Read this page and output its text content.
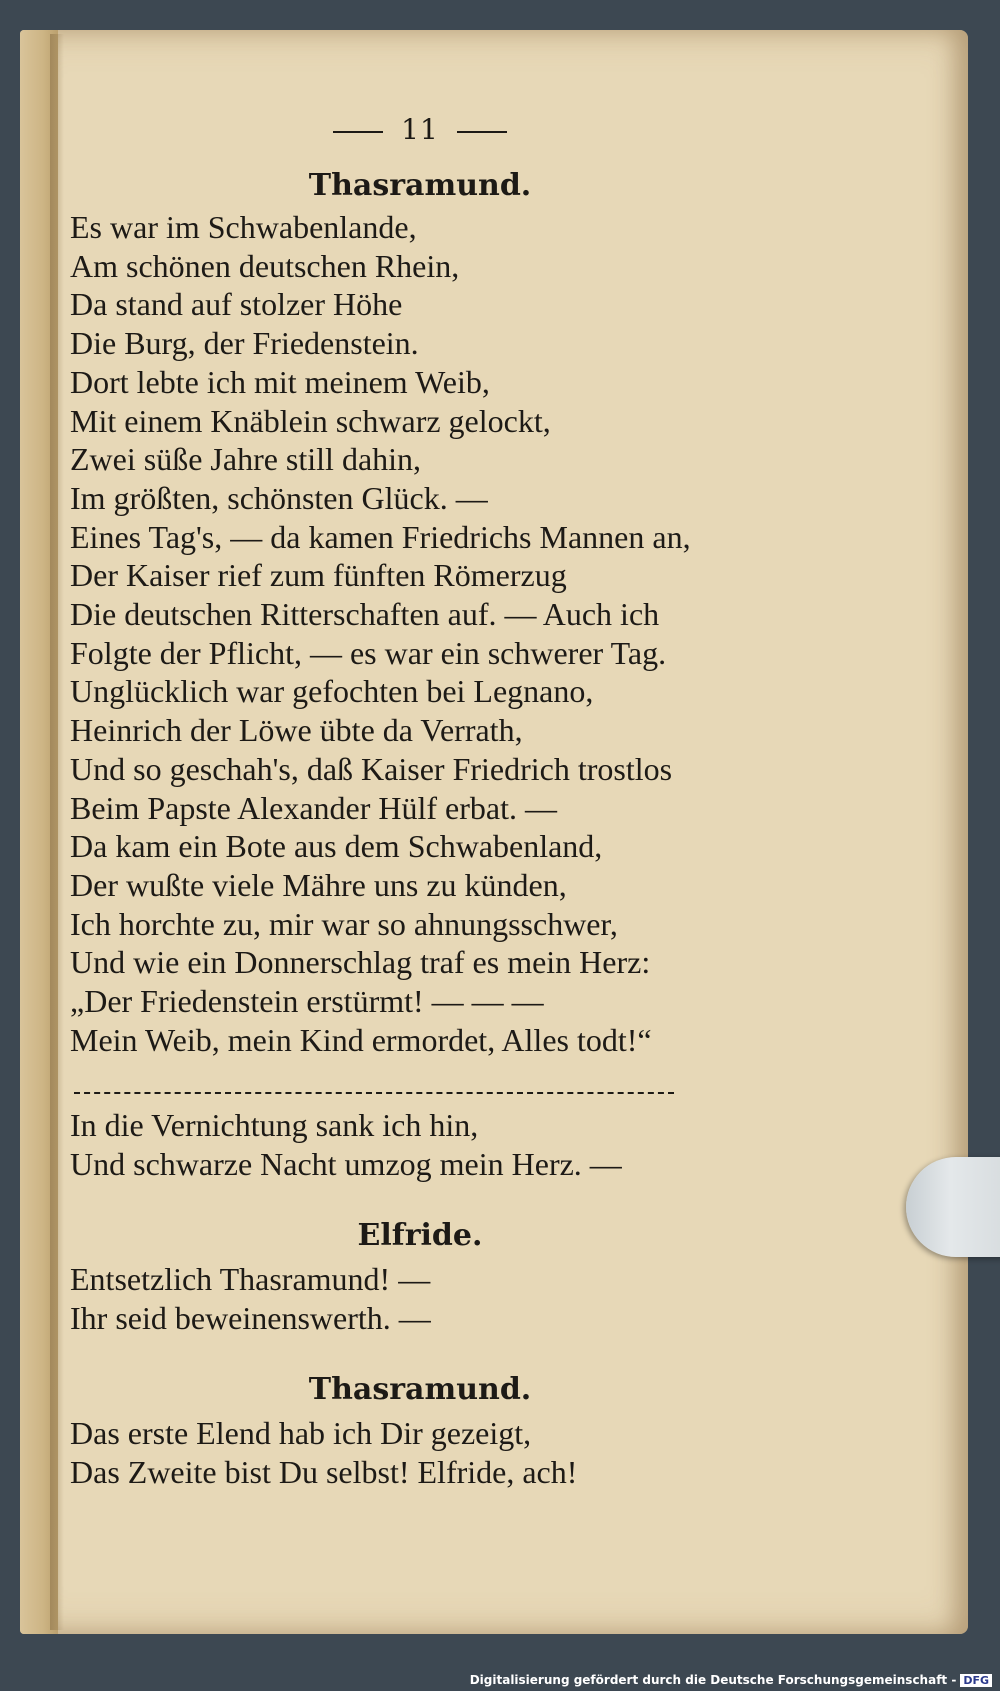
11
Thasramund.
Es war im Schwabenlande,
Am schönen deutschen Rhein,
Da stand auf stolzer Höhe
Die Burg, der Friedenstein.
Dort lebte ich mit meinem Weib,
Mit einem Knäblein schwarz gelockt,
Zwei süße Jahre still dahin,
Im größten, schönsten Glück. —
Eines Tag's, — da kamen Friedrichs Mannen an,
Der Kaiser rief zum fünften Römerzug
Die deutschen Ritterschaften auf. — Auch ich
Folgte der Pflicht, — es war ein schwerer Tag.
Unglücklich war gefochten bei Legnano,
Heinrich der Löwe übte da Verrath,
Und so geschah's, daß Kaiser Friedrich trostlos
Beim Papste Alexander Hülf erbat. —
Da kam ein Bote aus dem Schwabenland,
Der wußte viele Mähre uns zu künden,
Ich horchte zu, mir war so ahnungsschwer,
Und wie ein Donnerschlag traf es mein Herz:
„Der Friedenstein erstürmt! — — —
Mein Weib, mein Kind ermordet, Alles todt!“
In die Vernichtung sank ich hin,
Und schwarze Nacht umzog mein Herz. —
Elfride.
Entsetzlich Thasramund! —
Ihr seid beweinenswerth. —
Thasramund.
Das erste Elend hab ich Dir gezeigt,
Das Zweite bist Du selbst! Elfride, ach!
Digitalisierung gefördert durch die Deutsche Forschungsgemeinschaft - DFG
